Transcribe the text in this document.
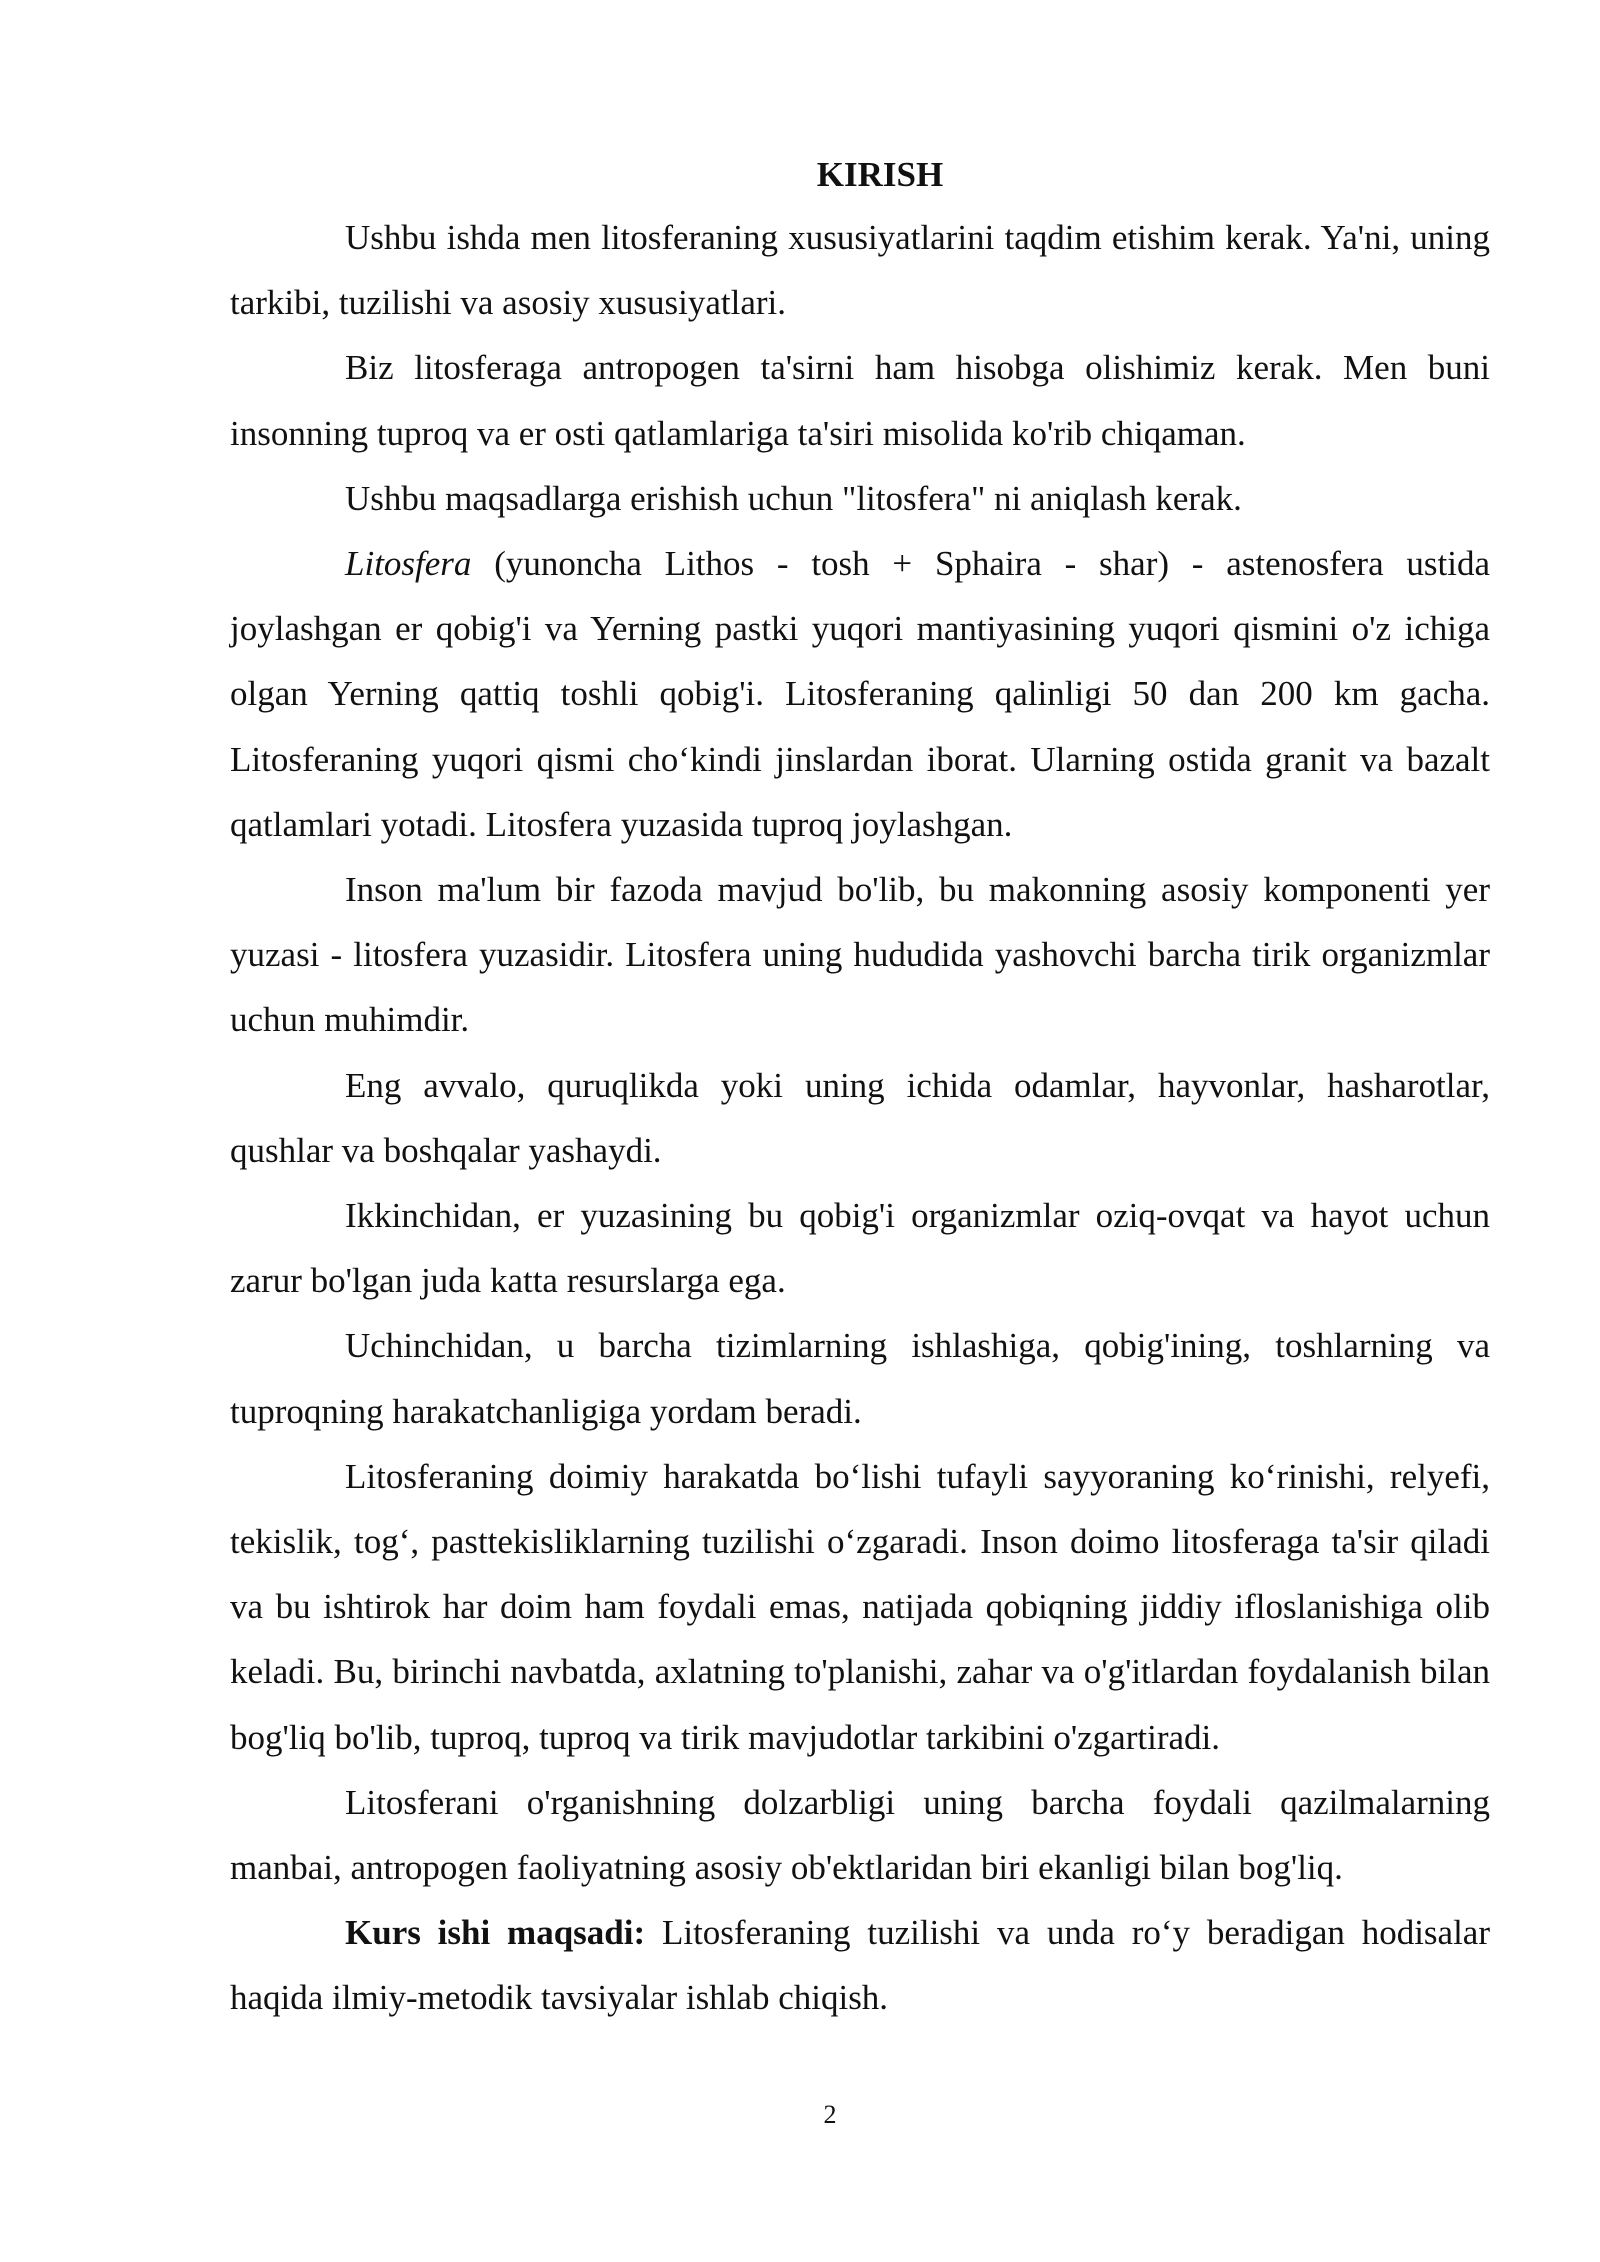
KIRISH

Ushbu ishda men litosferaning xususiyatlarini taqdim etishim kerak. Ya'ni, uning tarkibi, tuzilishi va asosiy xususiyatlari.

Biz litosferaga antropogen ta'sirni ham hisobga olishimiz kerak. Men buni insonning tuproq va er osti qatlamlariga ta'siri misolida ko'rib chiqaman.

Ushbu maqsadlarga erishish uchun "litosfera" ni aniqlash kerak.

Litosfera (yunoncha Lithos - tosh + Sphaira - shar) - astenosfera ustida joylashgan er qobig'i va Yerning pastki yuqori mantiyasining yuqori qismini o'z ichiga olgan Yerning qattiq toshli qobig'i. Litosferaning qalinligi 50 dan 200 km gacha. Litosferaning yuqori qismi cho‘kindi jinslardan iborat. Ularning ostida granit va bazalt qatlamlari yotadi. Litosfera yuzasida tuproq joylashgan.

Inson ma'lum bir fazoda mavjud bo'lib, bu makonning asosiy komponenti yer yuzasi - litosfera yuzasidir. Litosfera uning hududida yashovchi barcha tirik organizmlar uchun muhimdir.

Eng avvalo, quruqlikda yoki uning ichida odamlar, hayvonlar, hasharotlar, qushlar va boshqalar yashaydi.

Ikkinchidan, er yuzasining bu qobig'i organizmlar oziq-ovqat va hayot uchun zarur bo'lgan juda katta resurslarga ega.

Uchinchidan, u barcha tizimlarning ishlashiga, qobig'ining, toshlarning va tuproqning harakatchanligiga yordam beradi.

Litosferaning doimiy harakatda bo‘lishi tufayli sayyoraning ko‘rinishi, relyefi, tekislik, tog‘, pasttekisliklarning tuzilishi o‘zgaradi. Inson doimo litosferaga ta'sir qiladi va bu ishtirok har doim ham foydali emas, natijada qobiqning jiddiy ifloslanishiga olib keladi. Bu, birinchi navbatda, axlatning to'planishi, zahar va o'g'itlardan foydalanish bilan bog'liq bo'lib, tuproq, tuproq va tirik mavjudotlar tarkibini o'zgartiradi.

Litosferani o'rganishning dolzarbligi uning barcha foydali qazilmalarning manbai, antropogen faoliyatning asosiy ob'ektlaridan biri ekanligi bilan bog'liq.

Kurs ishi maqsadi: Litosferaning tuzilishi va unda ro‘y beradigan hodisalar haqida ilmiy-metodik tavsiyalar ishlab chiqish.

2
